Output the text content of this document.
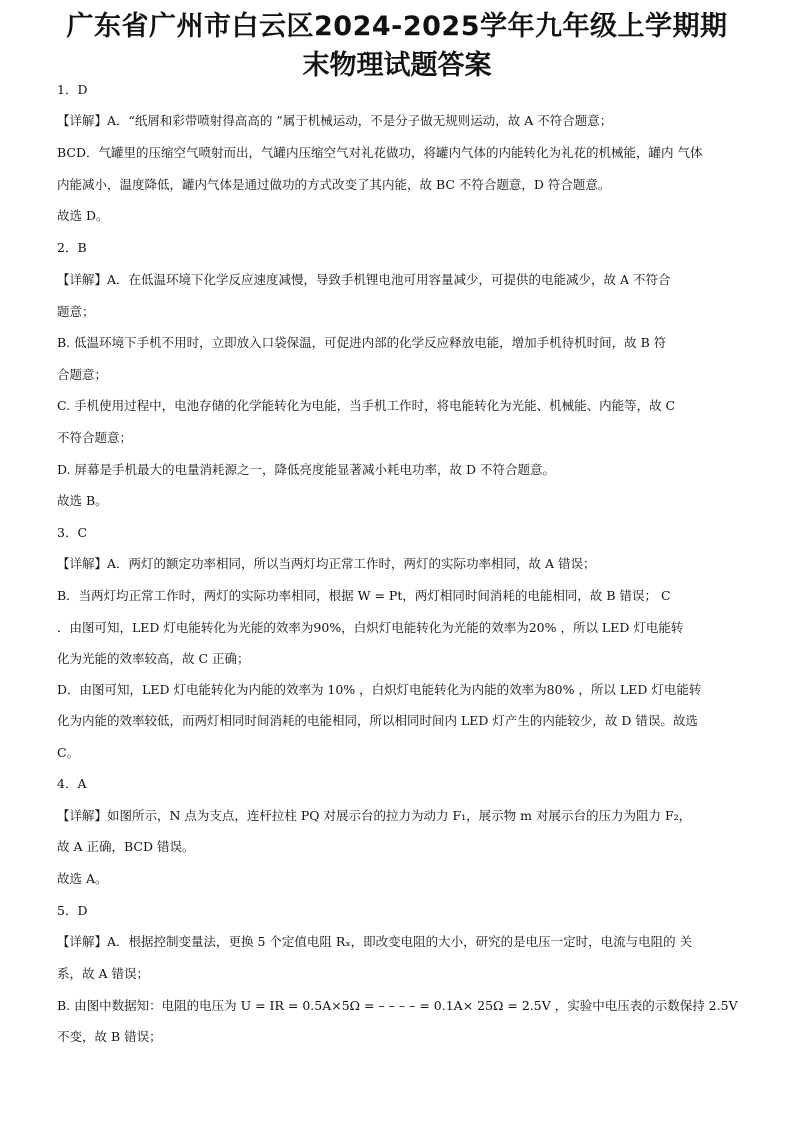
广东省广州市白云区2024-2025学年九年级上学期期
末物理试题答案
1．D
【详解】A．“纸屑和彩带喷射得高高的 ”属于机械运动，不是分子做无规则运动，故 A 不符合题意；
BCD．气罐里的压缩空气喷射而出，气罐内压缩空气对礼花做功，将罐内气体的内能转化为礼花的机械能，罐内 气体
内能减小，温度降低，罐内气体是通过做功的方式改变了其内能，故 BC 不符合题意，D 符合题意。
故选 D。
2．B
【详解】A．在低温环境下化学反应速度减慢，导致手机锂电池可用容量减少，可提供的电能减少，故 A 不符合
题意；
B. 低温环境下手机不用时，立即放入口袋保温，可促进内部的化学反应释放电能，增加手机待机时间，故 B 符
合题意；
C. 手机使用过程中，电池存储的化学能转化为电能，当手机工作时，将电能转化为光能、机械能、内能等，故 C
不符合题意；
D. 屏幕是手机最大的电量消耗源之一，降低亮度能显著减小耗电功率，故 D 不符合题意。
故选 B。
3．C
【详解】A．两灯的额定功率相同，所以当两灯均正常工作时，两灯的实际功率相同，故 A 错误；
B．当两灯均正常工作时，两灯的实际功率相同，根据 W = Pt，两灯相同时间消耗的电能相同，故 B 错误； C
．由图可知，LED 灯电能转化为光能的效率为90%，白炽灯电能转化为光能的效率为20% ，所以 LED 灯电能转
化为光能的效率较高，故 C 正确；
D．由图可知，LED 灯电能转化为内能的效率为 10% ，白炽灯电能转化为内能的效率为80% ，所以 LED 灯电能转
化为内能的效率较低，而两灯相同时间消耗的电能相同，所以相同时间内 LED 灯产生的内能较少，故 D 错误。故选
C。
4．A
【详解】如图所示，N 点为支点，连杆拉柱 PQ 对展示台的拉力为动力 F₁，展示物 m 对展示台的压力为阻力 F₂，
故 A 正确，BCD 错误。
故选 A。
5．D
【详解】A．根据控制变量法，更换 5 个定值电阻 Rₓ，即改变电阻的大小，研究的是电压一定时，电流与电阻的 关
系，故 A 错误；
B. 由图中数据知：电阻的电压为 U = IR = 0.5A×5Ω = – – – – = 0.1A× 25Ω = 2.5V ，实验中电压表的示数保持 2.5V
不变，故 B 错误；
